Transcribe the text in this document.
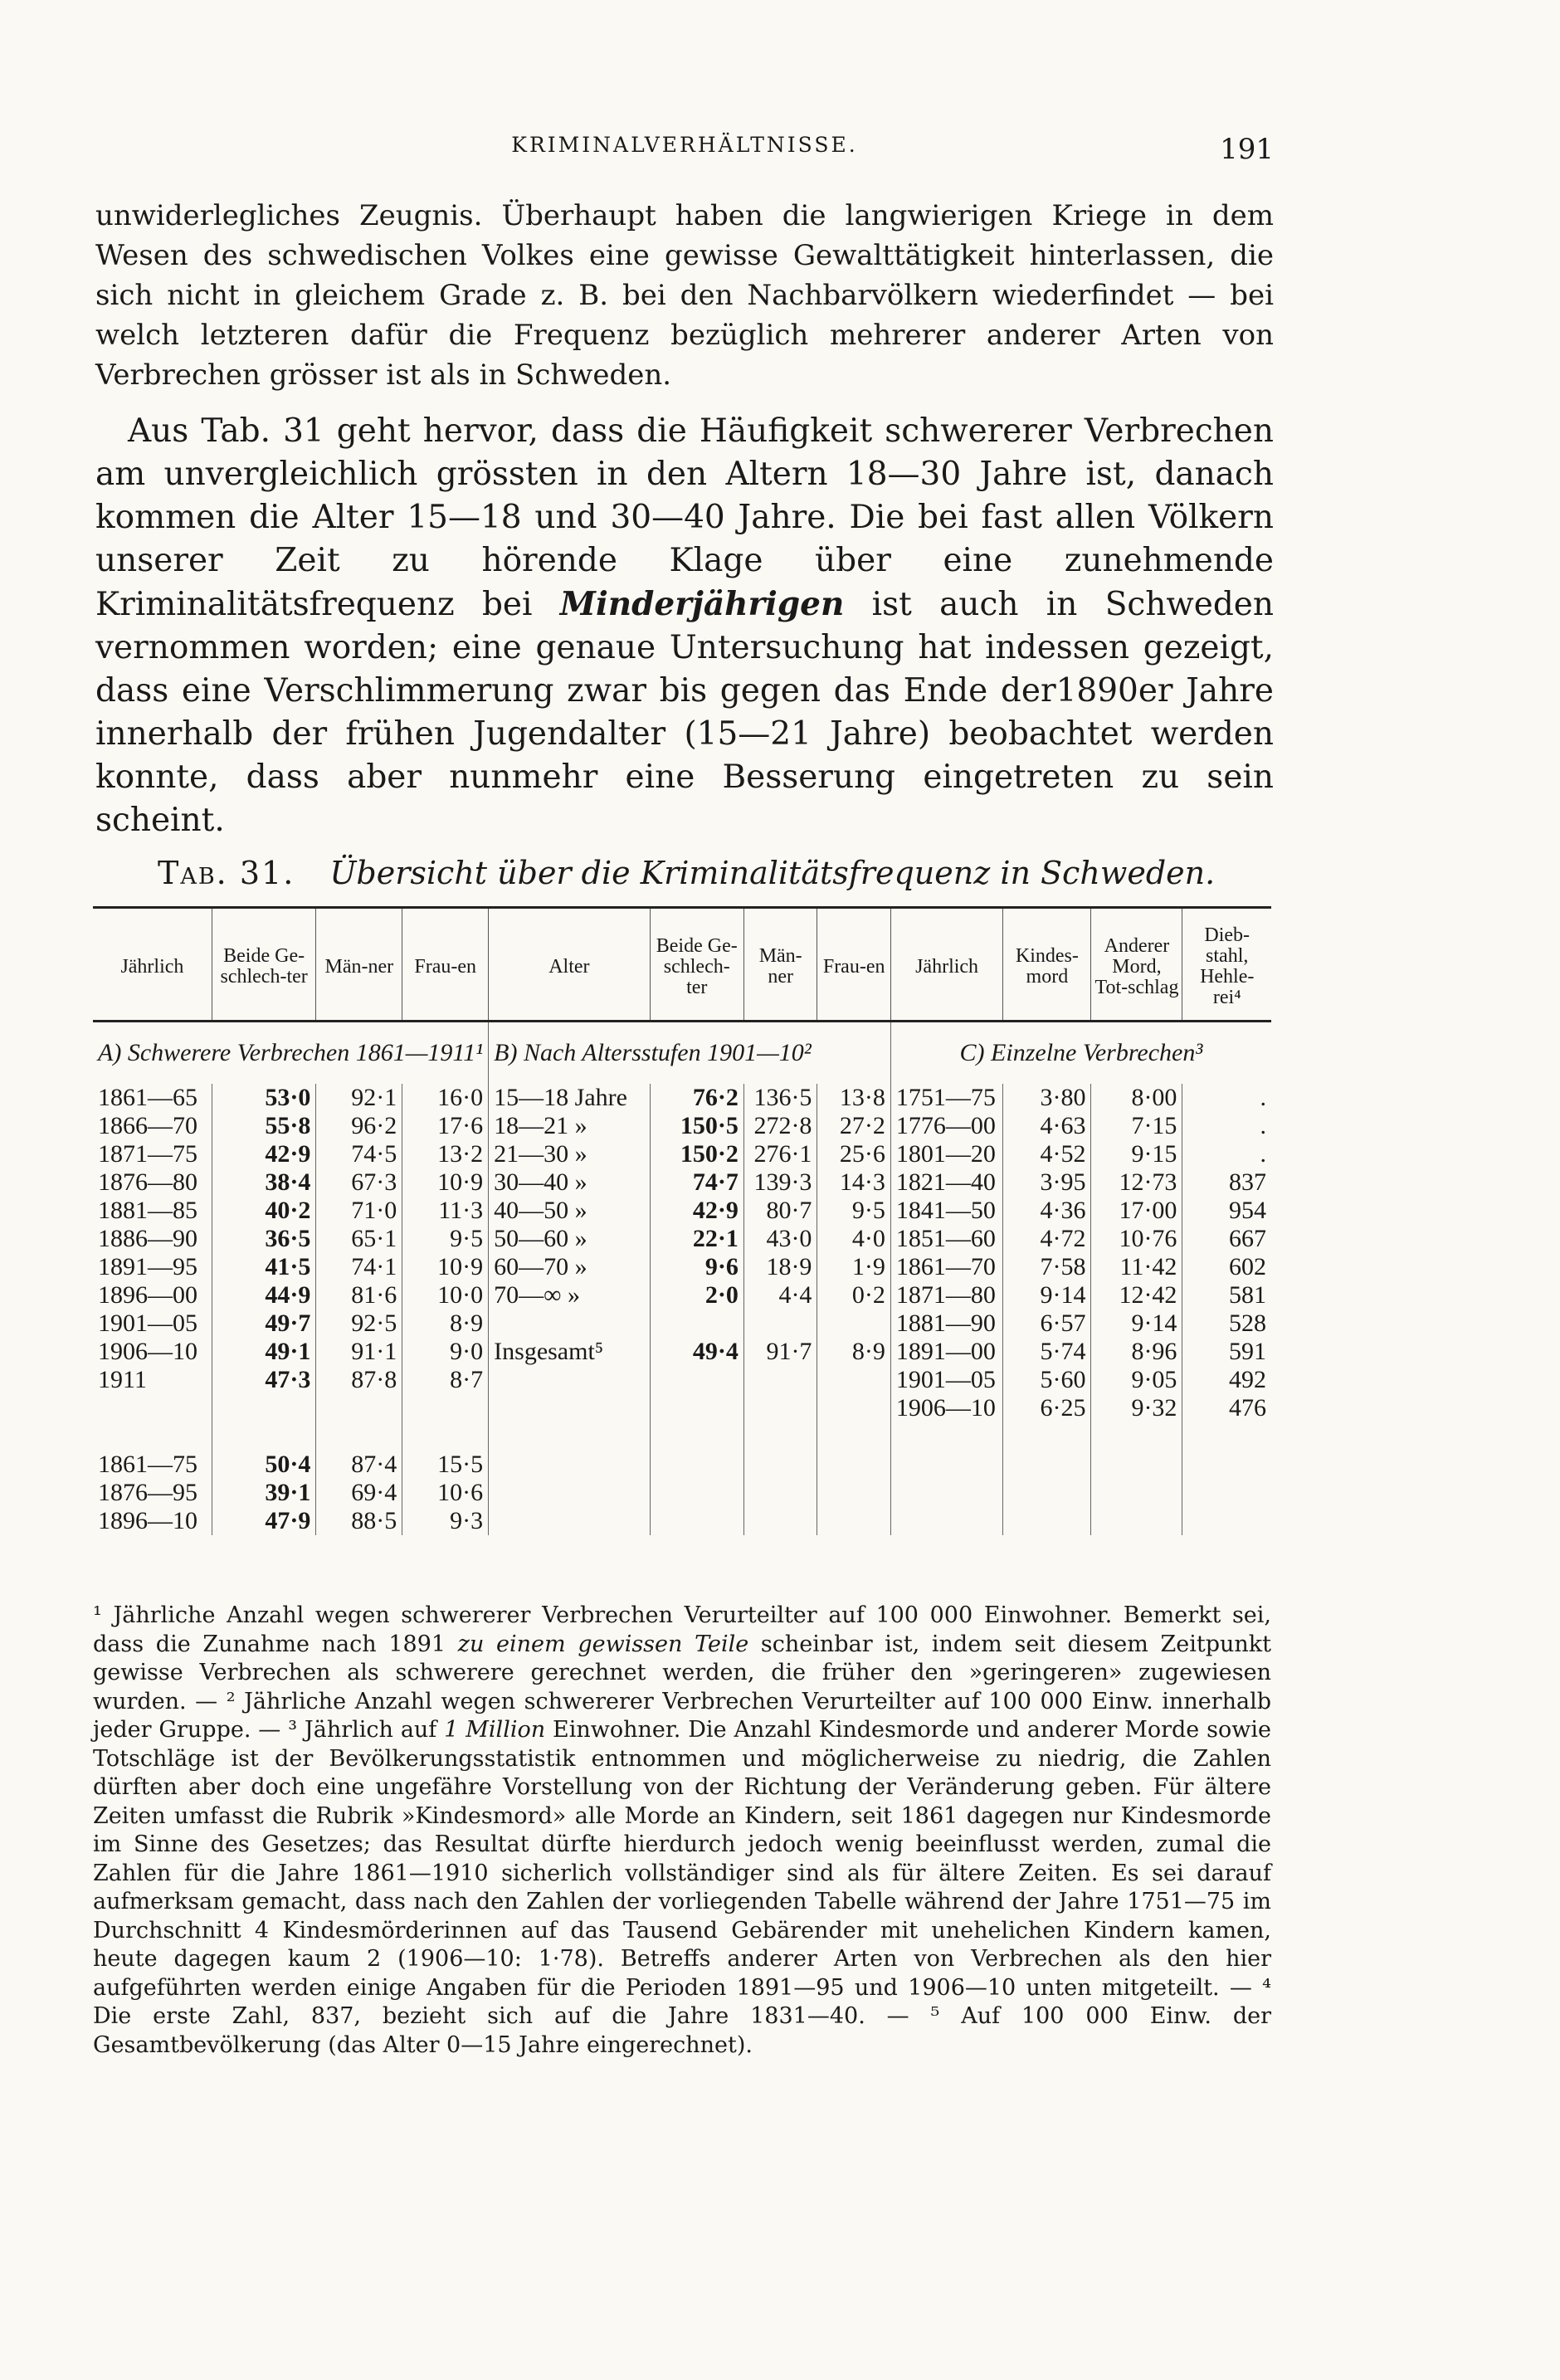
KRIMINALVERHÄLTNISSE.	191

unwiderlegliches Zeugnis. Überhaupt haben die langwierigen Kriege in dem Wesen des schwedischen Volkes eine gewisse Gewalttätigkeit hinterlassen, die sich nicht in gleichem Grade z. B. bei den Nachbarvölkern wiederfindet — bei welch letzteren dafür die Frequenz bezüglich mehrerer anderer Arten von Verbrechen grösser ist als in Schweden.

 Aus Tab. 31 geht hervor, dass die Häufigkeit schwererer Verbrechen am unvergleichlich grössten in den Altern 18—30 Jahre ist, danach kommen die Alter 15—18 und 30—40 Jahre. Die bei fast allen Völkern unserer Zeit zu hörende Klage über eine zunehmende Kriminalitätsfrequenz bei Minderjährigen ist auch in Schweden vernommen worden; eine genaue Untersuchung hat indessen gezeigt, dass eine Verschlimmerung zwar bis gegen das Ende der1890er Jahre innerhalb der frühen Jugendalter (15—21 Jahre) beobachtet werden konnte, dass aber nunmehr eine Besserung eingetreten zu sein scheint.

Tab. 31. Übersicht über die Kriminalitätsfrequenz in Schweden.
Jährlich	Beide Ge-schlech-ter	Män-ner	Frau-en	Alter	Beide Ge-schlech-ter	Män-ner	Frau-en	Jährlich	Kindes-mord	Anderer Mord, Tot-schlag	Dieb-stahl, Hehle-rei⁴
A) Schwerere Verbrechen 1861—1911¹				B) Nach Altersstufen 1901—10²				C) Einzelne Verbrechen³			
1861—65	53·0	92·1	16·0	15—18 Jahre	76·2	136·5	13·8	1751—75	3·80	8·00	.
1866—70	55·8	96·2	17·6	18—21 »	150·5	272·8	27·2	1776—00	4·63	7·15	.
1871—75	42·9	74·5	13·2	21—30 »	150·2	276·1	25·6	1801—20	4·52	9·15	.
1876—80	38·4	67·3	10·9	30—40 »	74·7	139·3	14·3	1821—40	3·95	12·73	837
1881—85	40·2	71·0	11·3	40—50 »	42·9	80·7	9·5	1841—50	4·36	17·00	954
1886—90	36·5	65·1	9·5	50—60 »	22·1	43·0	4·0	1851—60	4·72	10·76	667
1891—95	41·5	74·1	10·9	60—70 »	9·6	18·9	1·9	1861—70	7·58	11·42	602
1896—00	44·9	81·6	10·0	70—∞ »	2·0	4·4	0·2	1871—80	9·14	12·42	581
1901—05	49·7	92·5	8·9					1881—90	6·57	9·14	528
1906—10	49·1	91·1	9·0	Insgesamt⁵	49·4	91·7	8·9	1891—00	5·74	8·96	591
1911	47·3	87·8	8·7					1901—05	5·60	9·05	492
								1906—10	6·25	9·32	476

1861—75	50·4	87·4	15·5								
1876—95	39·1	69·4	10·6								
1896—10	47·9	88·5	9·3								

¹ Jährliche Anzahl wegen schwererer Verbrechen Verurteilter auf 100 000 Einwohner. Bemerkt sei, dass die Zunahme nach 1891 zu einem gewissen Teile scheinbar ist, indem seit diesem Zeitpunkt gewisse Verbrechen als schwerere gerechnet werden, die früher den »geringeren» zugewiesen wurden. — ² Jährliche Anzahl wegen schwererer Verbrechen Verurteilter auf 100 000 Einw. innerhalb jeder Gruppe. — ³ Jährlich auf 1 Million Einwohner. Die Anzahl Kindesmorde und anderer Morde sowie Totschläge ist der Bevölkerungsstatistik entnommen und möglicherweise zu niedrig, die Zahlen dürften aber doch eine ungefähre Vorstellung von der Richtung der Veränderung geben. Für ältere Zeiten umfasst die Rubrik »Kindesmord» alle Morde an Kindern, seit 1861 dagegen nur Kindesmorde im Sinne des Gesetzes; das Resultat dürfte hierdurch jedoch wenig beeinflusst werden, zumal die Zahlen für die Jahre 1861—1910 sicherlich vollständiger sind als für ältere Zeiten. Es sei darauf aufmerksam gemacht, dass nach den Zahlen der vorliegenden Tabelle während der Jahre 1751—75 im Durchschnitt 4 Kindesmörderinnen auf das Tausend Gebärender mit unehelichen Kindern kamen, heute dagegen kaum 2 (1906—10: 1·78). Betreffs anderer Arten von Verbrechen als den hier aufgeführten werden einige Angaben für die Perioden 1891—95 und 1906—10 unten mitgeteilt. — ⁴ Die erste Zahl, 837, bezieht sich auf die Jahre 1831—40. — ⁵ Auf 100 000 Einw. der Gesamtbevölkerung (das Alter 0—15 Jahre eingerechnet).
